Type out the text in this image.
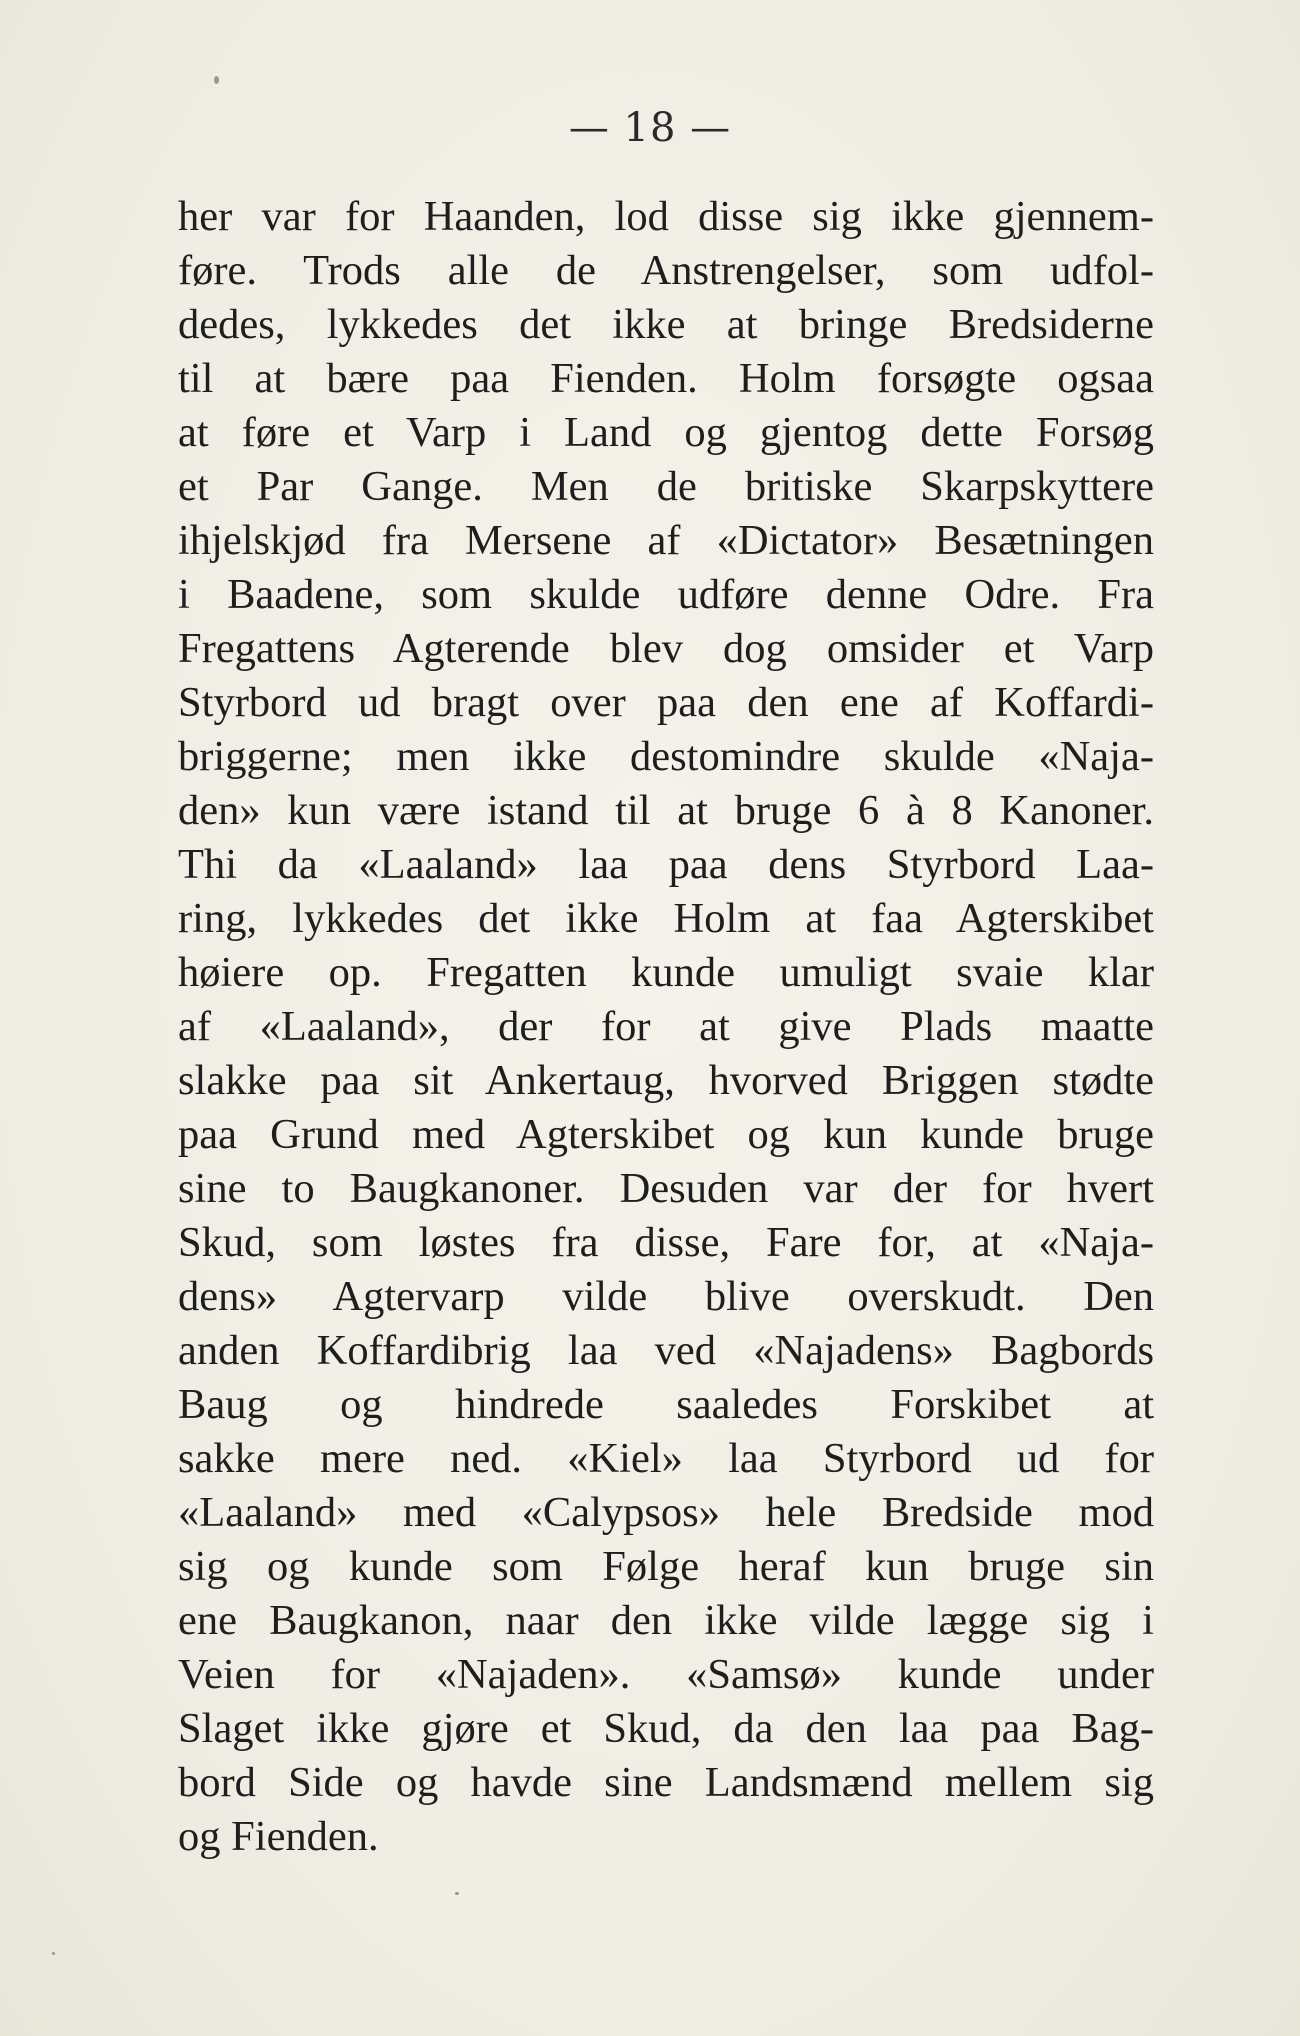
— 18 —
her var for Haanden, lod disse sig ikke gjennem-
føre. Trods alle de Anstrengelser, som udfol-
dedes, lykkedes det ikke at bringe Bredsiderne
til at bære paa Fienden. Holm forsøgte ogsaa
at føre et Varp i Land og gjentog dette Forsøg
et Par Gange. Men de britiske Skarpskyttere
ihjelskjød fra Mersene af «Dictator» Besætningen
i Baadene, som skulde udføre denne Odre. Fra
Fregattens Agterende blev dog omsider et Varp
Styrbord ud bragt over paa den ene af Koffardi-
briggerne; men ikke destomindre skulde «Naja-
den» kun være istand til at bruge 6 à 8 Kanoner.
Thi da «Laaland» laa paa dens Styrbord Laa-
ring, lykkedes det ikke Holm at faa Agterskibet
høiere op. Fregatten kunde umuligt svaie klar
af «Laaland», der for at give Plads maatte
slakke paa sit Ankertaug, hvorved Briggen stødte
paa Grund med Agterskibet og kun kunde bruge
sine to Baugkanoner. Desuden var der for hvert
Skud, som løstes fra disse, Fare for, at «Naja-
dens» Agtervarp vilde blive overskudt. Den
anden Koffardibrig laa ved «Najadens» Bagbords
Baug og hindrede saaledes Forskibet at
sakke mere ned. «Kiel» laa Styrbord ud for
«Laaland» med «Calypsos» hele Bredside mod
sig og kunde som Følge heraf kun bruge sin
ene Baugkanon, naar den ikke vilde lægge sig i
Veien for «Najaden». «Samsø» kunde under
Slaget ikke gjøre et Skud, da den laa paa Bag-
bord Side og havde sine Landsmænd mellem sig
og Fienden.
